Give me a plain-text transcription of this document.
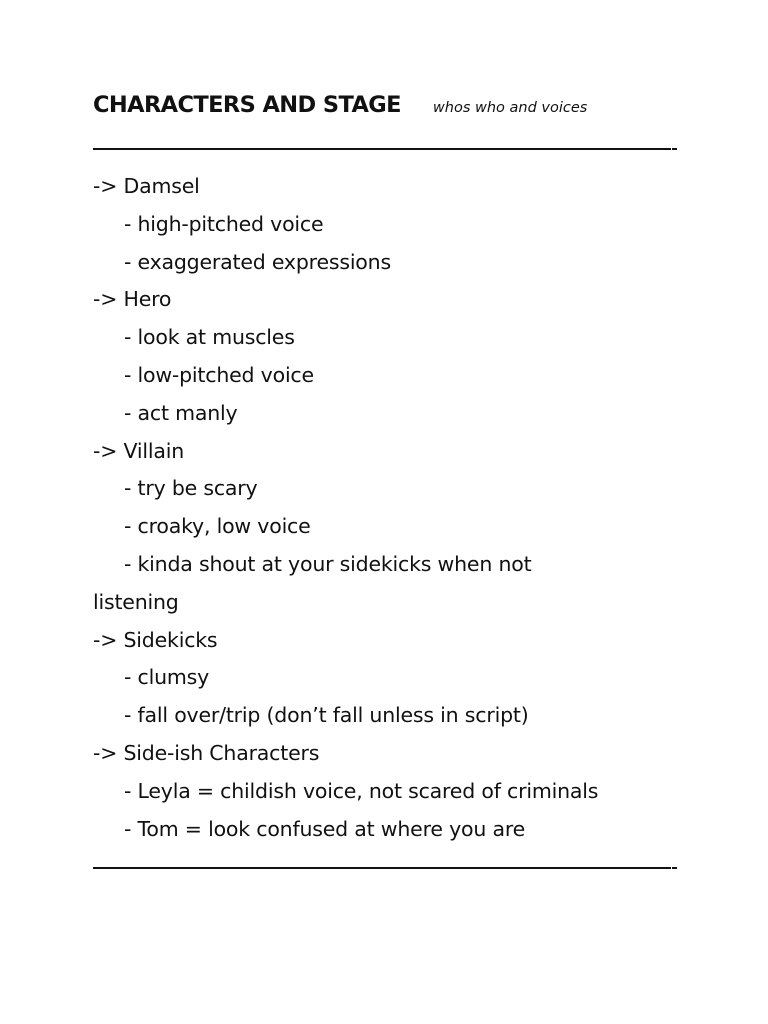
CHARACTERS AND STAGE whos who and voices
-> Damsel
- high-pitched voice
- exaggerated expressions
-> Hero
- look at muscles
- low-pitched voice
- act manly
-> Villain
- try be scary
- croaky, low voice
- kinda shout at your sidekicks when not
listening
-> Sidekicks
- clumsy
- fall over/trip (don’t fall unless in script)
-> Side-ish Characters
- Leyla = childish voice, not scared of criminals
- Tom = look confused at where you are
